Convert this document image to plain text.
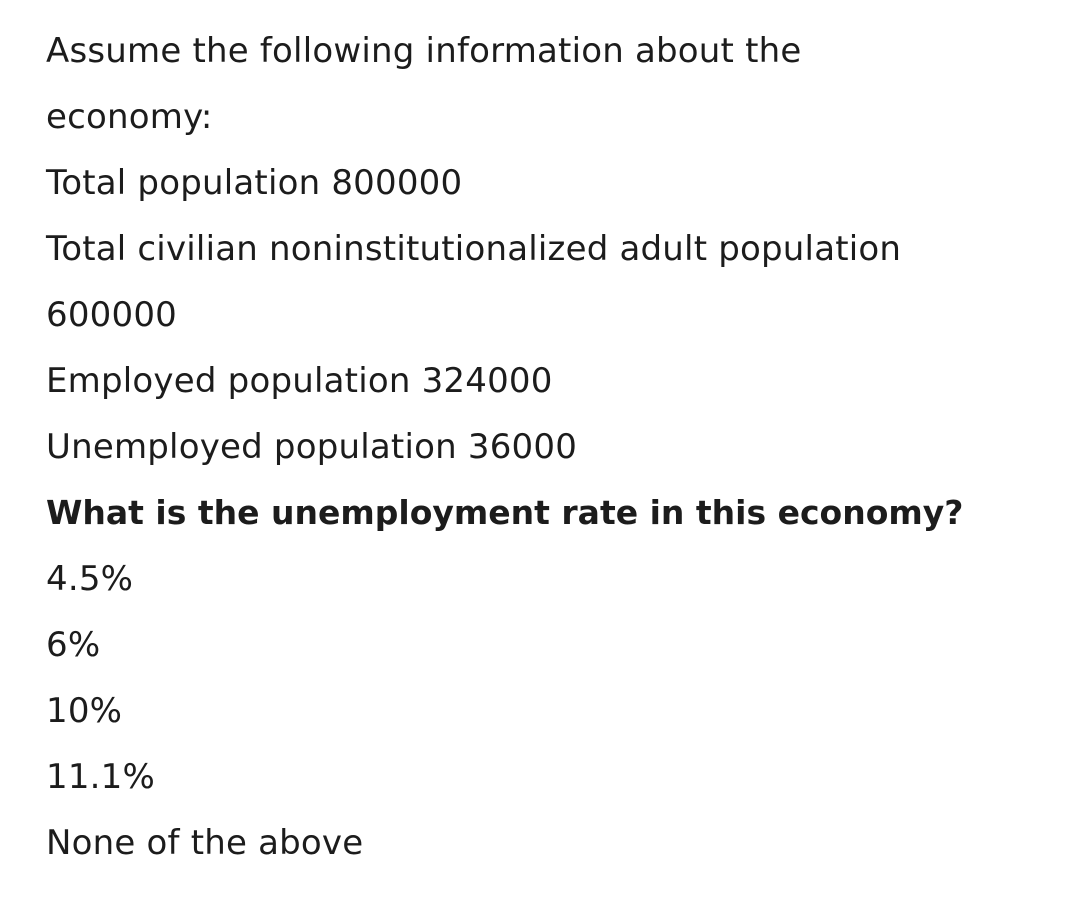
Assume the following information about the
economy:
Total population 800000
Total civilian noninstitutionalized adult population
600000
Employed population 324000
Unemployed population 36000
What is the unemployment rate in this economy?
4.5%
6%
10%
11.1%
None of the above
